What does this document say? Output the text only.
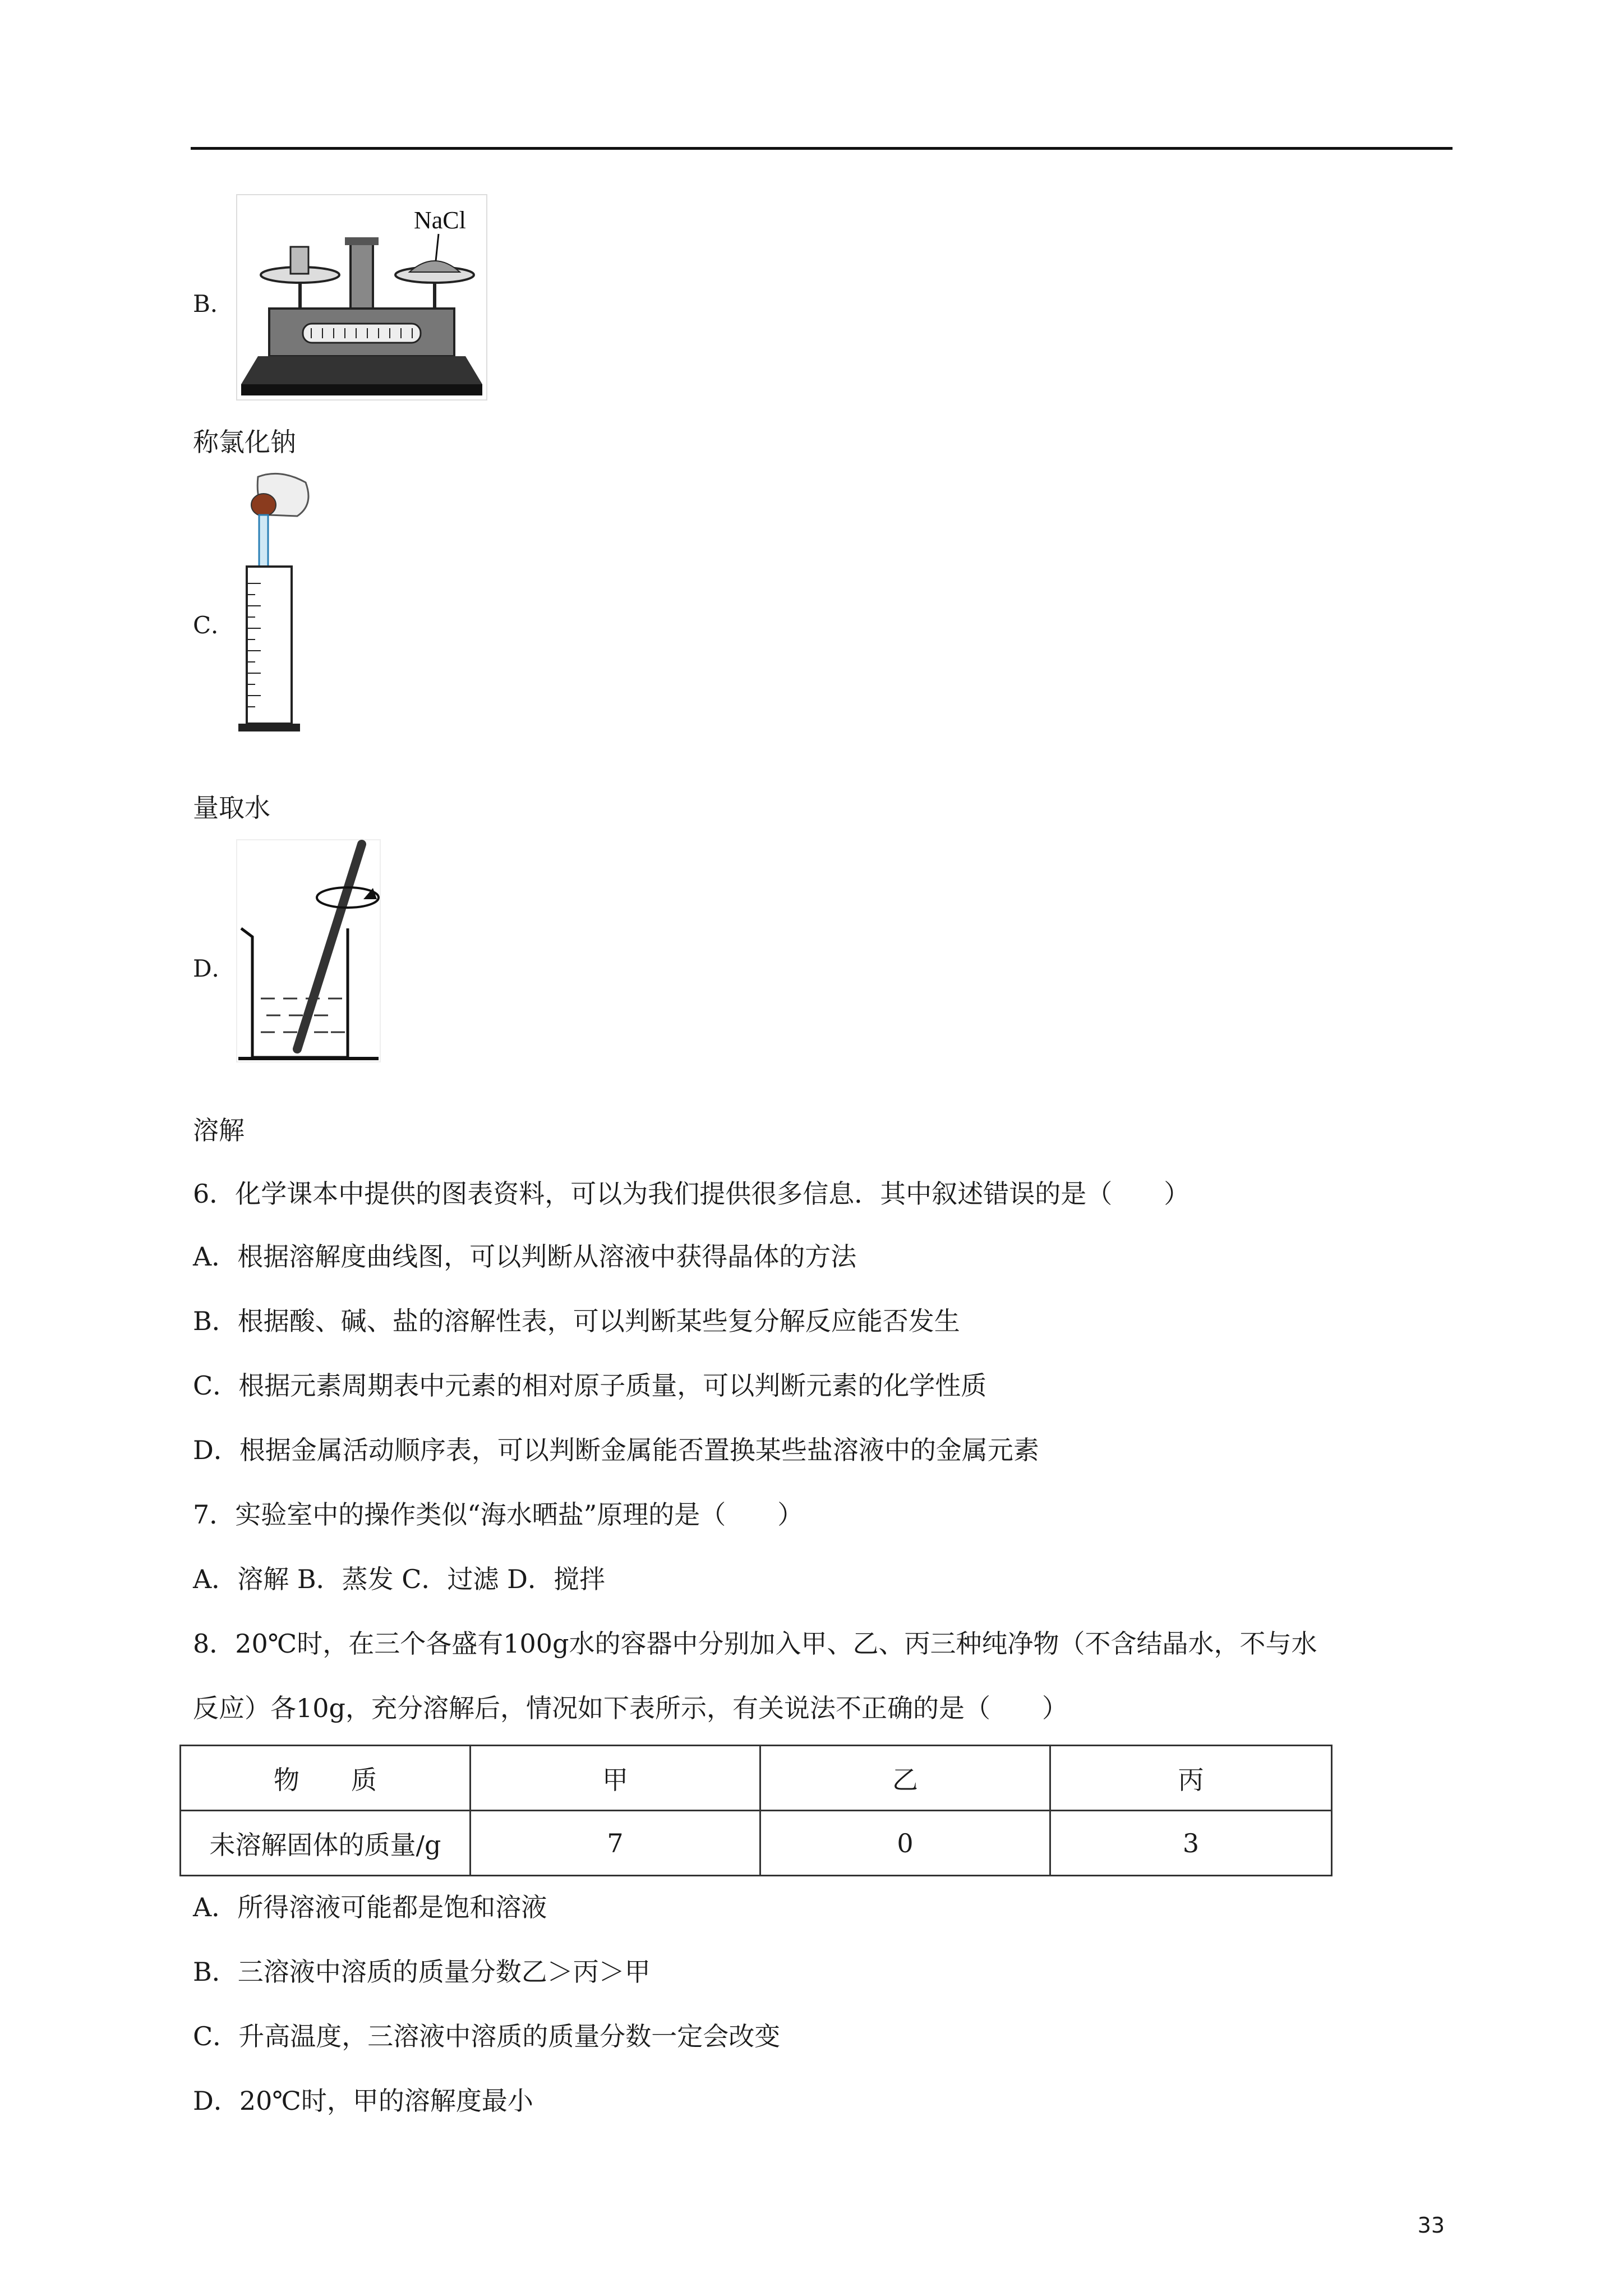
B．
NaCl
称氯化钠
C．
量取水
D．
溶解
6．化学课本中提供的图表资料，可以为我们提供很多信息．其中叙述错误的是（　　）
A．根据溶解度曲线图，可以判断从溶液中获得晶体的方法
B．根据酸、碱、盐的溶解性表，可以判断某些复分解反应能否发生
C．根据元素周期表中元素的相对原子质量，可以判断元素的化学性质
D．根据金属活动顺序表，可以判断金属能否置换某些盐溶液中的金属元素
7．实验室中的操作类似“海水晒盐”原理的是（　　）
A．溶解 B．蒸发 C．过滤 D．搅拌
8．20℃时，在三个各盛有100g水的容器中分别加入甲、乙、丙三种纯净物（不含结晶水，不与水
反应）各10g，充分溶解后，情况如下表所示，有关说法不正确的是（　　）
物　　质	甲	乙	丙
未溶解固体的质量/g	7	0	3
A．所得溶液可能都是饱和溶液
B．三溶液中溶质的质量分数乙＞丙＞甲
C．升高温度，三溶液中溶质的质量分数一定会改变
D．20℃时，甲的溶解度最小
33
